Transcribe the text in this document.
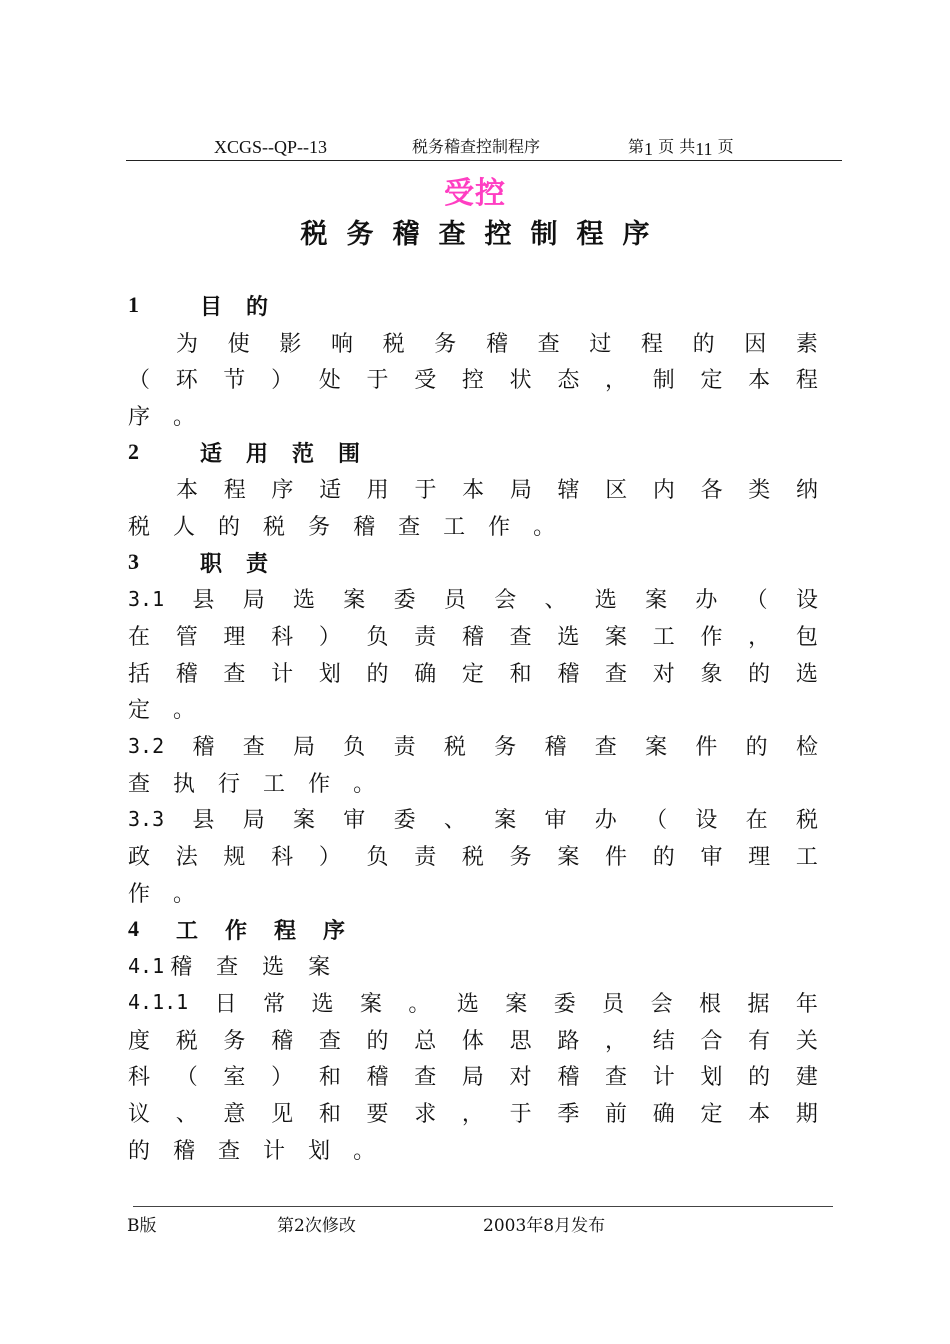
XCGS--QP--13	税务稽查控制程序	第1 页 共11 页
受控
税务稽查控制程序
1	目的
为 使 影 响 税 务 稽 查 过 程 的 因 素
（ 环 节 ） 处 于 受 控 状 态 ， 制 定 本 程
序 。
2	适用范围
本 程 序 适 用 于 本 局 辖 区 内 各 类 纳
税 人 的 税 务 稽 查 工 作 。
3	职责
3.1 县 局 选 案 委 员 会 、 选 案 办 （ 设
在 管 理 科 ） 负 责 稽 查 选 案 工 作 ， 包
括 稽 查 计 划 的 确 定 和 稽 查 对 象 的 选
定 。
3.2 稽 查 局 负 责 税 务 稽 查 案 件 的 检
查 执 行 工 作 。
3.3 县 局 案 审 委 、 案 审 办 （ 设 在 税
政 法 规 科 ） 负 责 税 务 案 件 的 审 理 工
作 。
4	工作程序
4.1 稽 查 选 案
4.1.1 日 常 选 案 。 选 案 委 员 会 根 据 年
度 税 务 稽 查 的 总 体 思 路 ， 结 合 有 关
科 （ 室 ） 和 稽 查 局 对 稽 查 计 划 的 建
议 、 意 见 和 要 求 ， 于 季 前 确 定 本 期
的 稽 查 计 划 。
B版	第2次修改	2003年8月发布
